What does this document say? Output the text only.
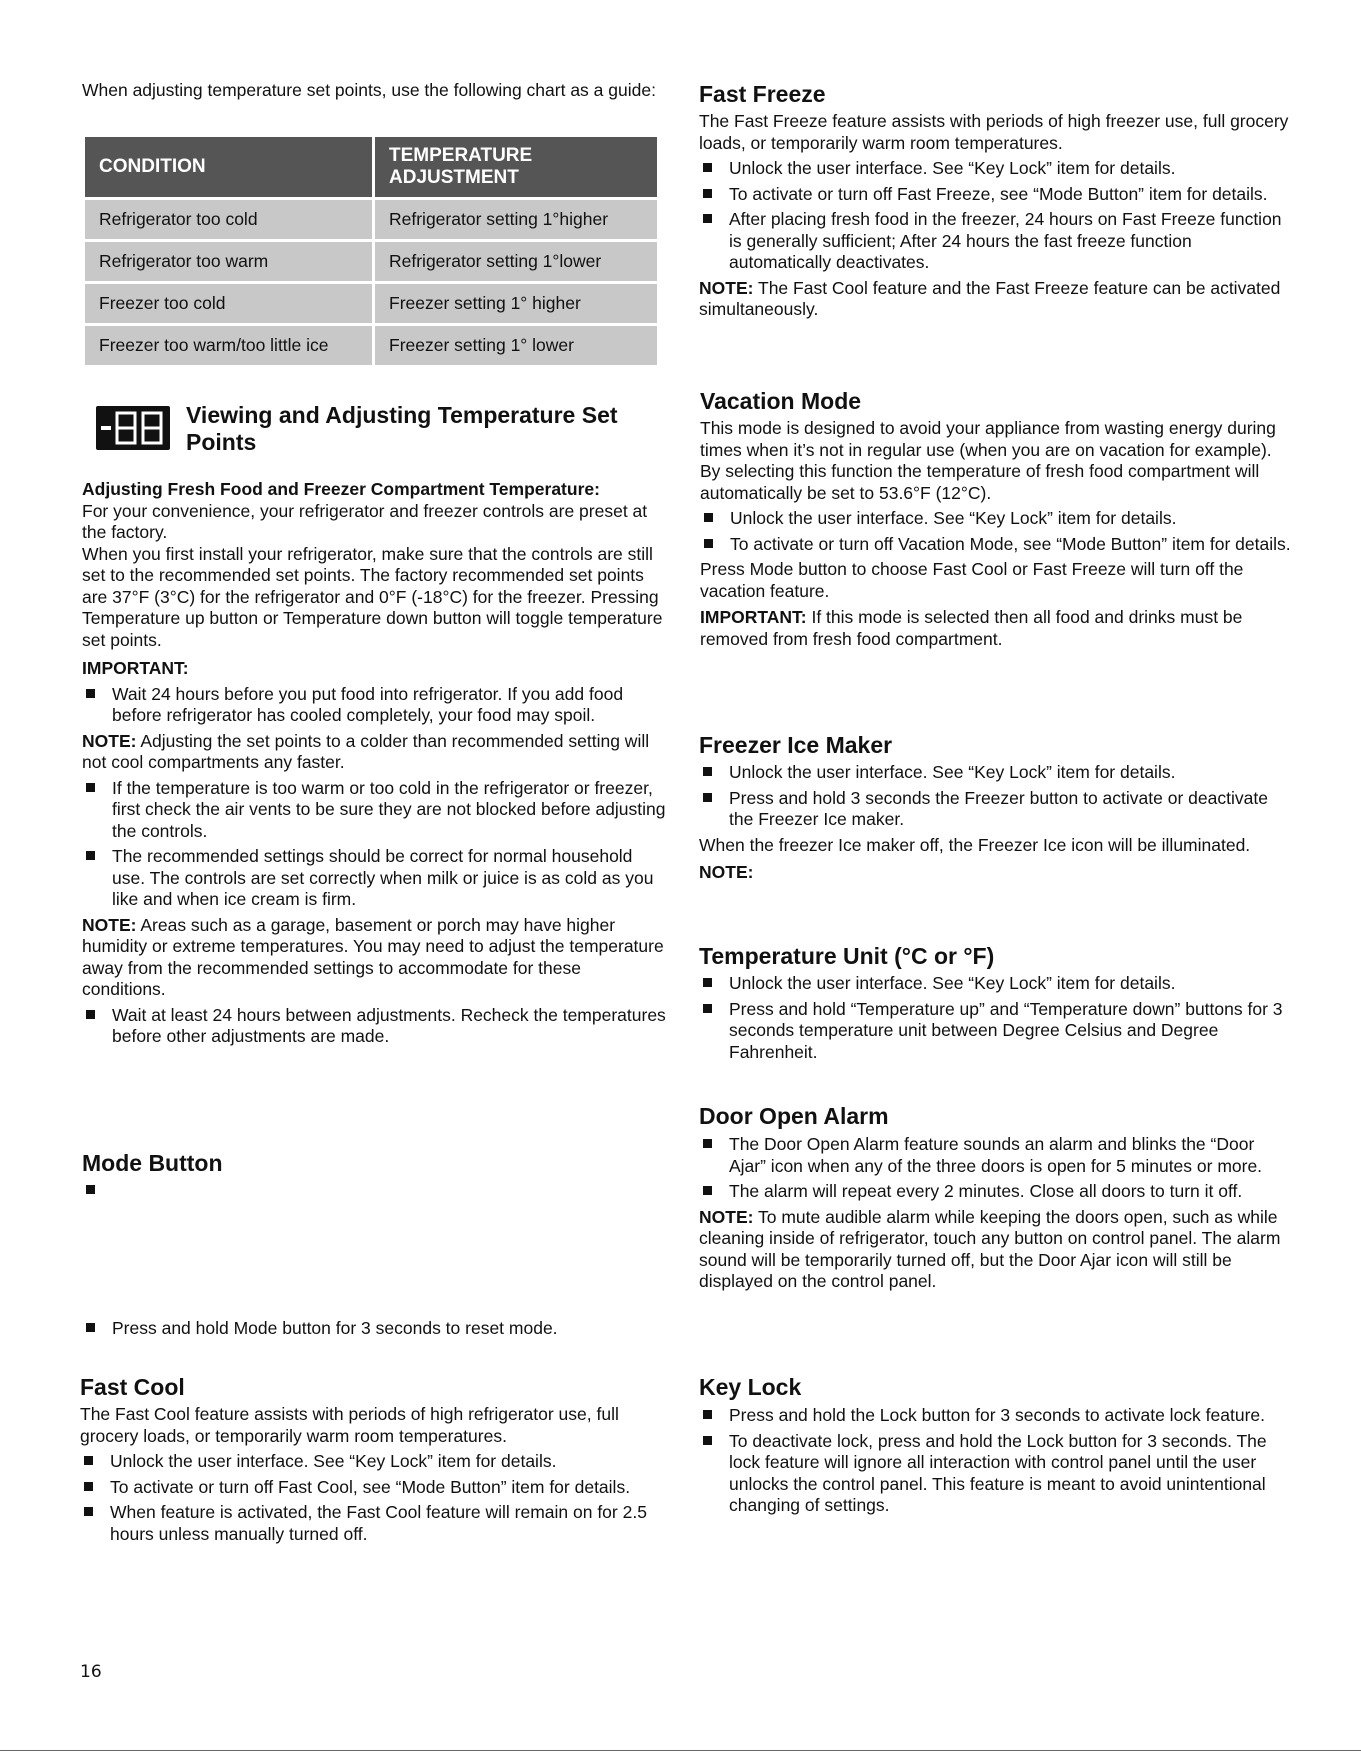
When adjusting temperature set points, use the following chart as a guide:

CONDITION	TEMPERATURE ADJUSTMENT
Refrigerator too cold	Refrigerator setting 1°higher
Refrigerator too warm	Refrigerator setting 1°lower
Freezer too cold	Freezer setting 1° higher
Freezer too warm/too little ice	Freezer setting 1° lower
Viewing and Adjusting Temperature Set Points

Adjusting Fresh Food and Freezer Compartment Temperature:

For your convenience, your refrigerator and freezer controls are preset at the factory.

When you first install your refrigerator, make sure that the controls are still set to the recommended set points. The factory recommended set points are 37°F (3°C) for the refrigerator and 0°F (-18°C) for the freezer. Pressing Temperature up button or Temperature down button will toggle temperature set points.

IMPORTANT:

Wait 24 hours before you put food into refrigerator. If you add food before refrigerator has cooled completely, your food may spoil.

NOTE: Adjusting the set points to a colder than recommended setting will not cool compartments any faster.

If the temperature is too warm or too cold in the refrigerator or freezer, first check the air vents to be sure they are not blocked before adjusting the controls.
The recommended settings should be correct for normal household use. The controls are set correctly when milk or juice is as cold as you like and when ice cream is firm.

NOTE: Areas such as a garage, basement or porch may have higher humidity or extreme temperatures. You may need to adjust the temperature away from the recommended settings to accommodate for these conditions.

Wait at least 24 hours between adjustments. Recheck the temperatures before other adjustments are made.
Mode Button
Press and hold Mode button for 3 seconds to reset mode.
Fast Cool

The Fast Cool feature assists with periods of high refrigerator use, full grocery loads, or temporarily warm room temperatures.

Unlock the user interface. See “Key Lock” item for details.
To activate or turn off Fast Cool, see “Mode Button” item for details.
When feature is activated, the Fast Cool feature will remain on for 2.5 hours unless manually turned off.
16
Fast Freeze

The Fast Freeze feature assists with periods of high freezer use, full grocery loads, or temporarily warm room temperatures.

Unlock the user interface. See “Key Lock” item for details.
To activate or turn off Fast Freeze, see “Mode Button” item for details.
After placing fresh food in the freezer, 24 hours on Fast Freeze function is generally sufficient; After 24 hours the fast freeze function automatically deactivates.

NOTE: The Fast Cool feature and the Fast Freeze feature can be activated simultaneously.

Vacation Mode

This mode is designed to avoid your appliance from wasting energy during times when it’s not in regular use (when you are on vacation for example). By selecting this function the temperature of fresh food compartment will automatically be set to 53.6°F (12°C).

Unlock the user interface. See “Key Lock” item for details.
To activate or turn off Vacation Mode, see “Mode Button” item for details.

Press Mode button to choose Fast Cool or Fast Freeze will turn off the vacation feature.

IMPORTANT: If this mode is selected then all food and drinks must be removed from fresh food compartment.

Freezer Ice Maker
Unlock the user interface. See “Key Lock” item for details.
Press and hold 3 seconds the Freezer button to activate or deactivate the Freezer Ice maker.

When the freezer Ice maker off, the Freezer Ice icon will be illuminated.

NOTE:

Temperature Unit (°C or °F)
Unlock the user interface. See “Key Lock” item for details.
Press and hold “Temperature up” and “Temperature down” buttons for 3 seconds temperature unit between Degree Celsius and Degree Fahrenheit.
Door Open Alarm
The Door Open Alarm feature sounds an alarm and blinks the “Door Ajar” icon when any of the three doors is open for 5 minutes or more.
The alarm will repeat every 2 minutes. Close all doors to turn it off.

NOTE: To mute audible alarm while keeping the doors open, such as while cleaning inside of refrigerator, touch any button on control panel. The alarm sound will be temporarily turned off, but the Door Ajar icon will still be displayed on the control panel.

Key Lock
Press and hold the Lock button for 3 seconds to activate lock feature.
To deactivate lock, press and hold the Lock button for 3 seconds. The lock feature will ignore all interaction with control panel until the user unlocks the control panel. This feature is meant to avoid unintentional changing of settings.
